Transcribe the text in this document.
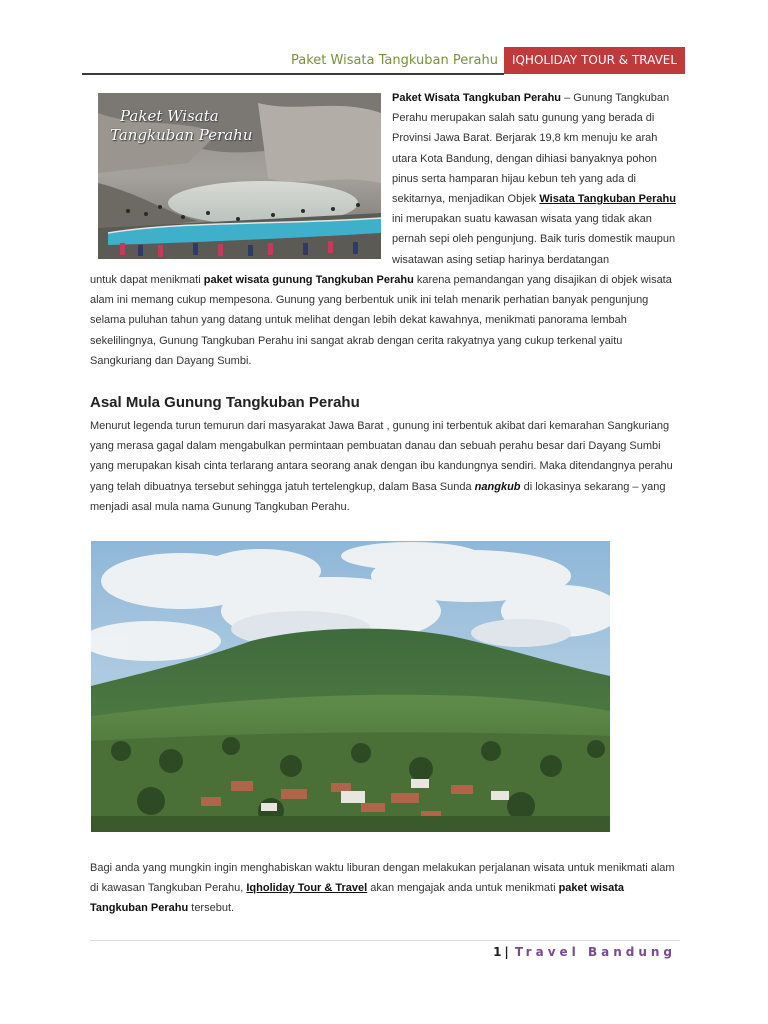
Paket Wisata Tangkuban Perahu	IQHOLIDAY TOUR & TRAVEL
Paket Wisata
Tangkuban Perahu
Paket Wisata Tangkuban Perahu – Gunung Tangkuban Perahu merupakan salah satu gunung yang berada di Provinsi Jawa Barat. Berjarak 19,8 km menuju ke arah utara Kota Bandung, dengan dihiasi banyaknya pohon pinus serta hamparan hijau kebun teh yang ada di sekitarnya, menjadikan Objek Wisata Tangkuban Perahu ini merupakan suatu kawasan wisata yang tidak akan pernah sepi oleh pengunjung. Baik turis domestik maupun wisatawan asing setiap harinya berdatangan
untuk dapat menikmati paket wisata gunung Tangkuban Perahu karena pemandangan yang disajikan di objek wisata alam ini memang cukup mempesona. Gunung yang berbentuk unik ini telah menarik perhatian banyak pengunjung selama puluhan tahun yang datang untuk melihat dengan lebih dekat kawahnya, menikmati panorama lembah sekelilingnya, Gunung Tangkuban Perahu ini sangat akrab dengan cerita rakyatnya yang cukup terkenal yaitu Sangkuriang dan Dayang Sumbi.
Asal Mula Gunung Tangkuban Perahu
Menurut legenda turun temurun dari masyarakat Jawa Barat , gunung ini terbentuk akibat dari kemarahan Sangkuriang yang merasa gagal dalam mengabulkan permintaan pembuatan danau dan sebuah perahu besar dari Dayang Sumbi yang merupakan kisah cinta terlarang antara seorang anak dengan ibu kandungnya sendiri. Maka ditendangnya perahu yang telah dibuatnya tersebut sehingga jatuh tertelengkup, dalam Basa Sunda nangkub di lokasinya sekarang – yang menjadi asal mula nama Gunung Tangkuban Perahu.
Bagi anda yang mungkin ingin menghabiskan waktu liburan dengan melakukan perjalanan wisata untuk menikmati alam di kawasan Tangkuban Perahu, Iqholiday Tour & Travel akan mengajak anda untuk menikmati paket wisata Tangkuban Perahu tersebut.
1 | Travel Bandung
